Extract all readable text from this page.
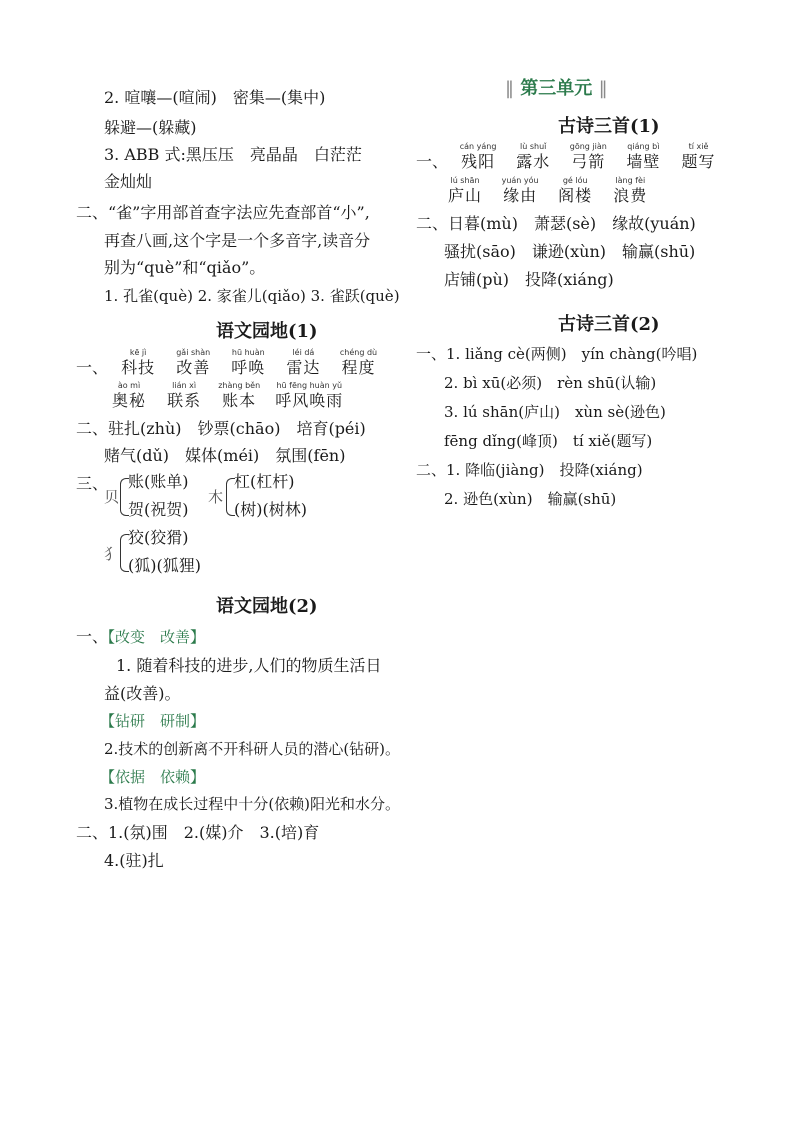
2. 喧嚷—(喧闹)　密集—(集中)
躲避—(躲藏)
3. ABB 式:黑压压　亮晶晶　白茫茫
金灿灿
二、“雀”字用部首查字法应先查部首“小”,
再查八画,这个字是一个多音字,读音分
别为“què”和“qiǎo”。
1. 孔雀(què) 2. 家雀儿(qiǎo) 3. 雀跃(què)
语文园地(1)
一、
kē jì
科技

gǎi shàn
改善

hū huàn
呼唤

léi dá
雷达

chéng dù
程度
ào mì
奥秘

lián xì
联系

zhàng běn
账本

hū fēng huàn yǔ
呼风唤雨
二、驻扎(zhù)　钞票(chāo)　培育(péi)
赌气(dǔ)　媒体(méi)　氛围(fēn)
三、
贝
账(账单)
贺(祝贺)
木
杠(杠杆)
(树)(树林)
犭
狡(狡猾)
(狐)(狐狸)
语文园地(2)
一、
【改变　改善】
1. 随着科技的进步,人们的物质生活日
益(改善)。
【钻研　研制】
2.技术的创新离不开科研人员的潜心(钻研)。
【依据　依赖】
3.植物在成长过程中十分(依赖)阳光和水分。
二、1.(氛)围　2.(媒)介　3.(培)育
4.(驻)扎
‖ 第三单元 ‖
古诗三首(1)
一、
cán yáng
残阳

lù shuǐ
露水

gōng jiàn
弓箭

qiáng bì
墙壁

tí xiě
题写
lú shān
庐山

yuán yóu
缘由

gé lóu
阁楼

làng fèi
浪费
二、日暮(mù)　萧瑟(sè)　缘故(yuán)
骚扰(sāo)　谦逊(xùn)　输赢(shū)
店铺(pù)　投降(xiáng)
古诗三首(2)
一、1. liǎng cè(两侧)　yín chàng(吟唱)
2. bì xū(必须)　rèn shū(认输)
3. lú shān(庐山)　xùn sè(逊色)
fēng dǐng(峰顶)　tí xiě(题写)
二、1. 降临(jiàng)　投降(xiáng)
2. 逊色(xùn)　输赢(shū)
